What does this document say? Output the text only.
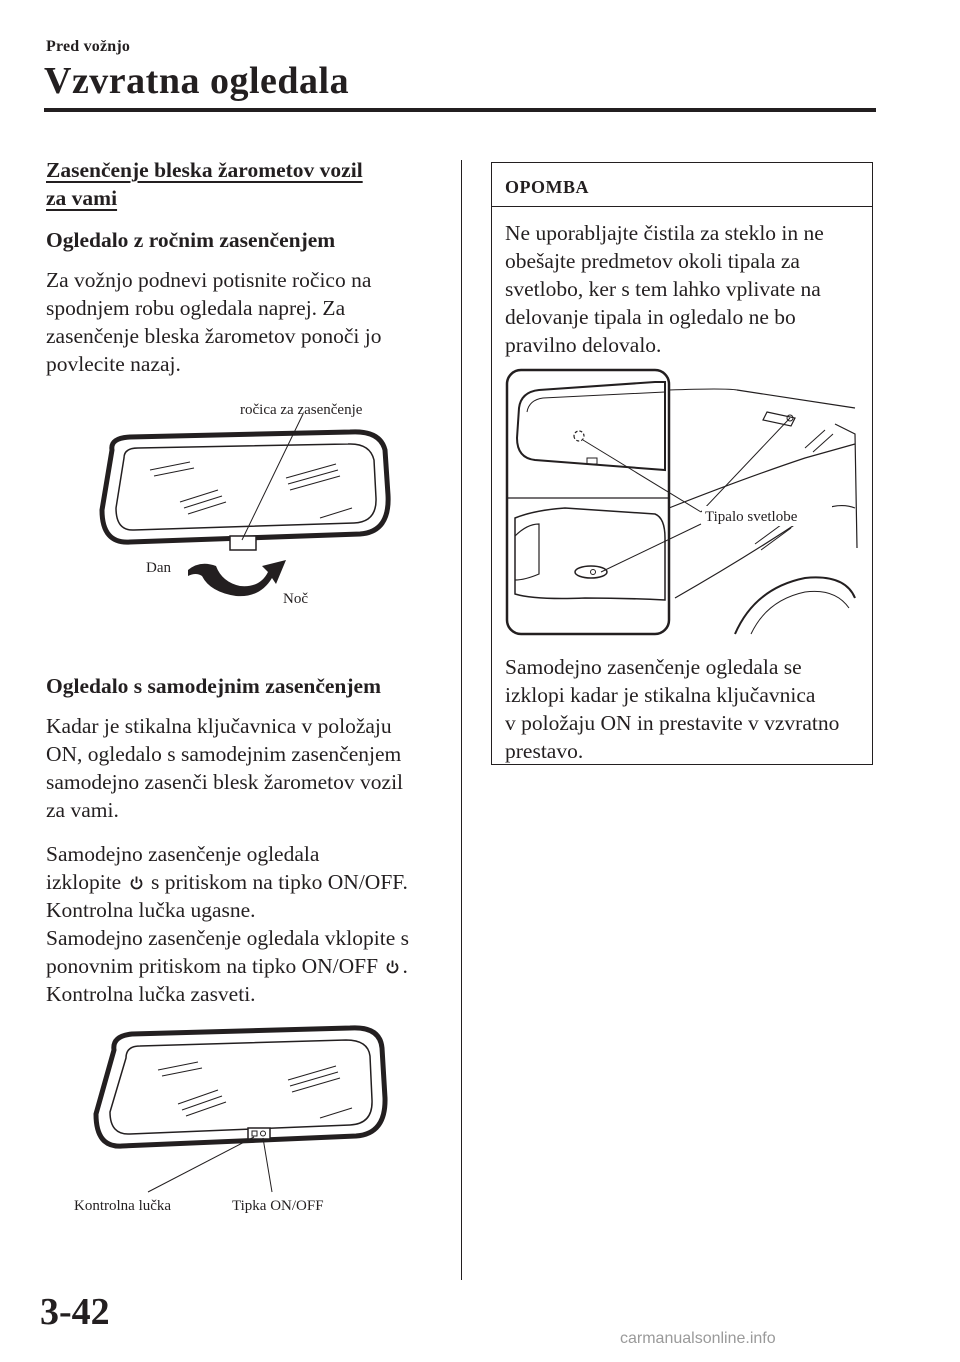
Pred vožnjo
Vzvratna ogledala
Zasenčenje bleska žarometov vozil
za vami
Ogledalo z ročnim zasenčenjem
Za vožnjo podnevi potisnite ročico na
spodnjem robu ogledala naprej. Za
zasenčenje bleska žarometov ponoči jo
povlecite nazaj.
ročica za zasenčenje
Dan
Noč
Ogledalo s samodejnim zasenčenjem

Kadar je stikalna ključavnica v položaju
ON, ogledalo s samodejnim zasenčenjem
samodejno zasenči blesk žarometov vozil
za vami.

Samodejno zasenčenje ogledala
izklopite s pritiskom na tipko ON/OFF.
Kontrolna lučka ugasne.
Samodejno zasenčenje ogledala vklopite s
ponovnim pritiskom na tipko ON/OFF .
Kontrolna lučka zasveti.
Kontrolna lučka	Tipka ON/OFF
OPOMBA

Ne uporabljajte čistila za steklo in ne

obešajte predmetov okoli tipala za

svetlobo, ker s tem lahko vplivate na

delovanje tipala in ogledalo ne bo

pravilno delovalo.

Tipalo svetlobe

Samodejno zasenčenje ogledala se

izklopi kadar je stikalna ključavnica

v položaju ON in prestavite v vzvratno

prestavo.

3-42
carmanualsonline.info
